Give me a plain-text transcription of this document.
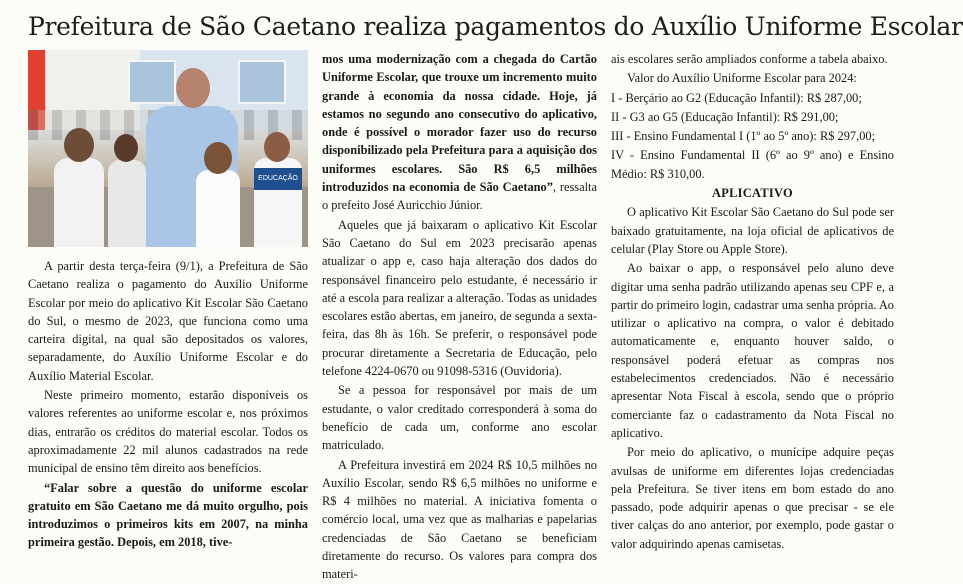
Prefeitura de São Caetano realiza pagamentos do Auxílio Uniforme Escolar
EDUCAÇÃO

A partir desta terça-feira (9/1), a Prefeitura de São Caetano realiza o pagamento do Auxílio Uniforme Escolar por meio do aplicativo Kit Escolar São Caetano do Sul, o mesmo de 2023, que funciona como uma carteira digital, na qual são depositados os valores, separadamente, do Auxílio Uniforme Escolar e do Auxílio Material Escolar.

Neste primeiro momento, estarão disponíveis os valores referentes ao uniforme escolar e, nos próximos dias, entrarão os créditos do material escolar. Todos os aproximadamente 22 mil alunos cadastrados na rede municipal de ensino têm direito aos benefícios.

“Falar sobre a questão do uniforme escolar gratuito em São Caetano me dá muito orgulho, pois introduzimos o primeiros kits em 2007, na minha primeira gestão. Depois, em 2018, tive-

mos uma modernização com a chegada do Cartão Uniforme Escolar, que trouxe um incremento muito grande à economia da nossa cidade. Hoje, já estamos no segundo ano consecutivo do aplicativo, onde é possível o morador fazer uso do recurso disponibilizado pela Prefeitura para a aquisição dos uniformes escolares. São R$ 6,5 milhões introduzidos na economia de São Caetano”, ressalta o prefeito José Auricchio Júnior.

Aqueles que já baixaram o aplicativo Kit Escolar São Caetano do Sul em 2023 precisarão apenas atualizar o app e, caso haja alteração dos dados do responsável financeiro pelo estudante, é necessário ir até a escola para realizar a alteração. Todas as unidades escolares estão abertas, em janeiro, de segunda a sexta-feira, das 8h às 16h. Se preferir, o responsável pode procurar diretamente a Secretaria de Educação, pelo telefone 4224-0670 ou 91098-5316 (Ouvidoria).

Se a pessoa for responsável por mais de um estudante, o valor creditado corresponderá à soma do benefício de cada um, conforme ano escolar matriculado.

A Prefeitura investirá em 2024 R$ 10,5 milhões no Auxílio Escolar, sendo R$ 6,5 milhões no uniforme e R$ 4 milhões no material. A iniciativa fomenta o comércio local, uma vez que as malharias e papelarias credenciadas de São Caetano se beneficiam diretamente do recurso. Os valores para compra dos materi-

ais escolares serão ampliados conforme a tabela abaixo.

Valor do Auxílio Uniforme Escolar para 2024:

I - Berçário ao G2 (Educação Infantil): R$ 287,00;

II - G3 ao G5 (Educação Infantil): R$ 291,00;

III - Ensino Fundamental I (1º ao 5º ano): R$ 297,00;

IV - Ensino Fundamental II (6º ao 9º ano) e Ensino Médio: R$ 310,00.

APLICATIVO

O aplicativo Kit Escolar São Caetano do Sul pode ser baixado gratuitamente, na loja oficial de aplicativos de celular (Play Store ou Apple Store).

Ao baixar o app, o responsável pelo aluno deve digitar uma senha padrão utilizando apenas seu CPF e, a partir do primeiro login, cadastrar uma senha própria. Ao utilizar o aplicativo na compra, o valor é debitado automaticamente e, enquanto houver saldo, o responsável poderá efetuar as compras nos estabelecimentos credenciados. Não é necessário apresentar Nota Fiscal à escola, sendo que o próprio comerciante faz o cadastramento da Nota Fiscal no aplicativo.

Por meio do aplicativo, o munícipe adquire peças avulsas de uniforme em diferentes lojas credenciadas pela Prefeitura. Se tiver itens em bom estado do ano passado, pode adquirir apenas o que precisar - se ele tiver calças do ano anterior, por exemplo, pode gastar o valor adquirindo apenas camisetas.
